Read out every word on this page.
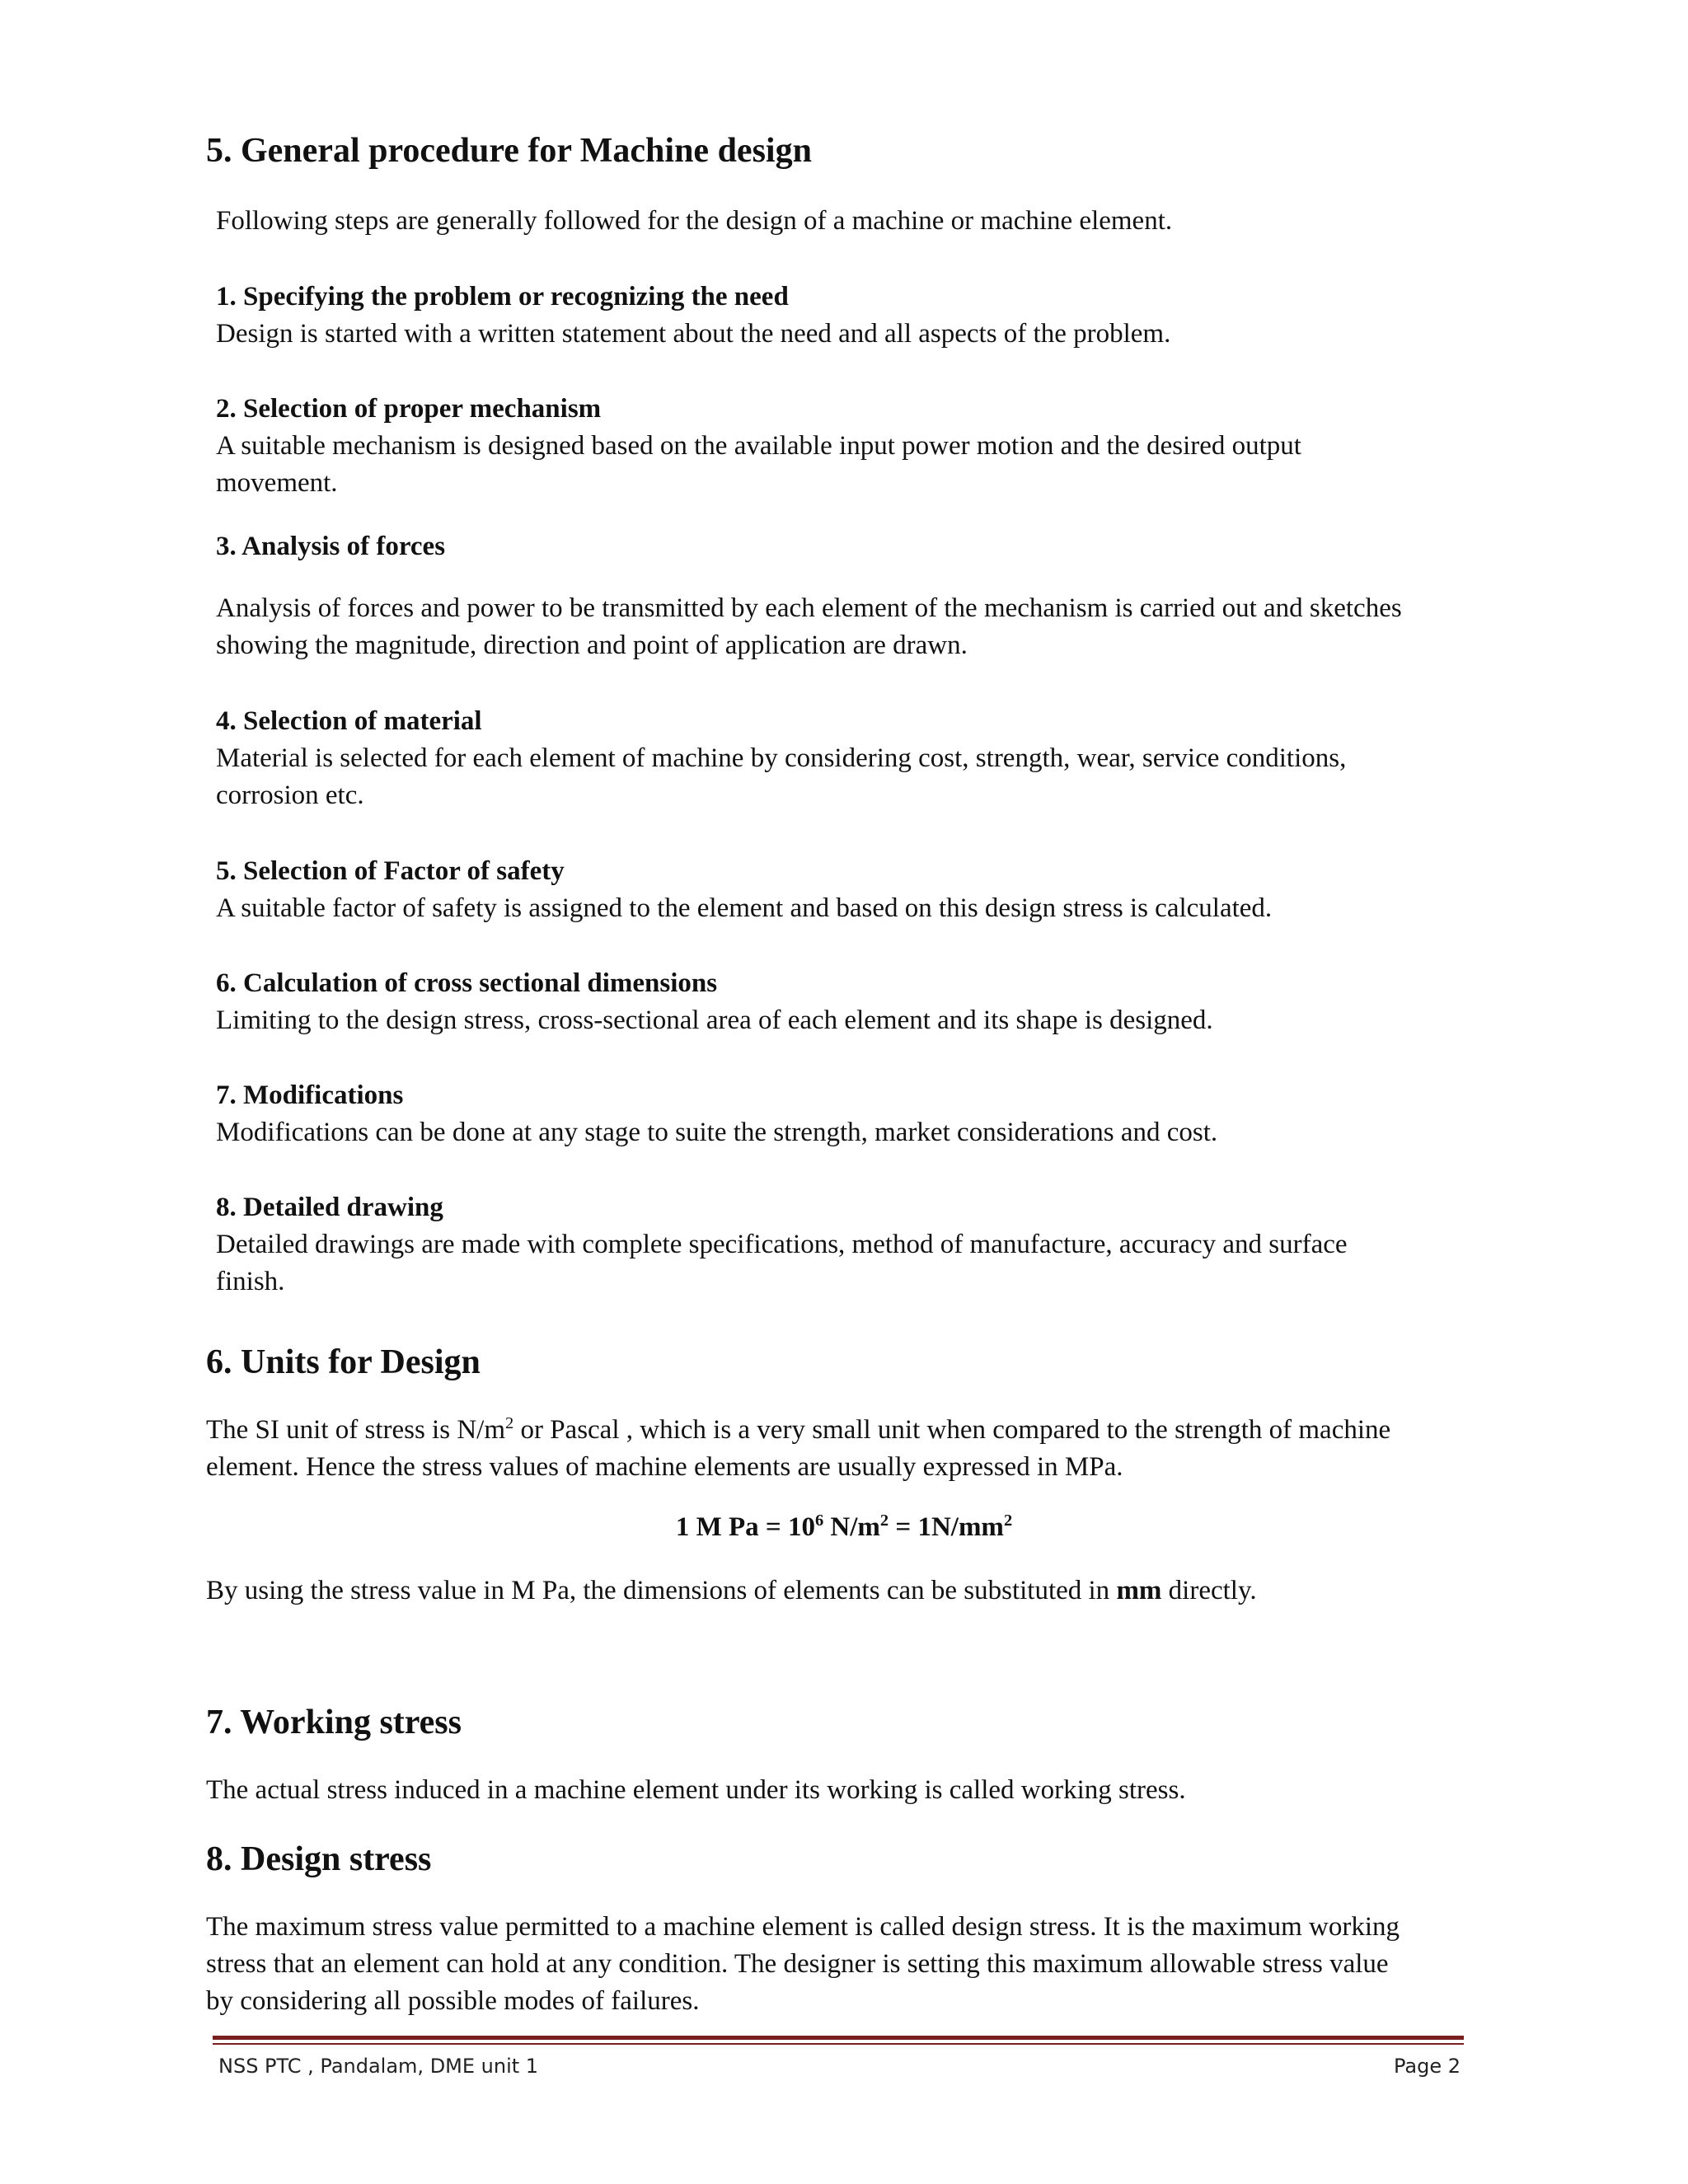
5. General procedure for Machine design
Following steps are generally followed for the design of a machine or machine element.
1. Specifying the problem or recognizing the need
Design is started with a written statement about the need and all aspects of the problem.
2. Selection of proper mechanism
A suitable mechanism is designed based on the available input power motion and the desired output
movement.
3. Analysis of forces
Analysis of forces and power to be transmitted by each element of the mechanism is carried out and sketches
showing the magnitude, direction and point of application are drawn.
4. Selection of material
Material is selected for each element of machine by considering cost, strength, wear, service conditions,
corrosion etc.
5. Selection of Factor of safety
A suitable factor of safety is assigned to the element and based on this design stress is calculated.
6. Calculation of cross sectional dimensions
Limiting to the design stress, cross-sectional area of each element and its shape is designed.
7. Modifications
Modifications can be done at any stage to suite the strength, market considerations and cost.
8. Detailed drawing
Detailed drawings are made with complete specifications, method of manufacture, accuracy and surface
finish.
6. Units for Design
The SI unit of stress is $N/m^2$ or Pascal , which is a very small unit when compared to the strength of machine
element. Hence the stress values of machine elements are usually expressed in MPa.
1 M $Pa = 10^6$ $N/m^2 = 1N/mm^2$
By using the stress value in M Pa, the dimensions of elements can be substituted in mm directly.
7. Working stress
The actual stress induced in a machine element under its working is called working stress.
8. Design stress
The maximum stress value permitted to a machine element is called design stress. It is the maximum working
stress that an element can hold at any condition. The designer is setting this maximum allowable stress value
by considering all possible modes of failures.
NSS PTC , Pandalam, DME unit 1	Page 2
